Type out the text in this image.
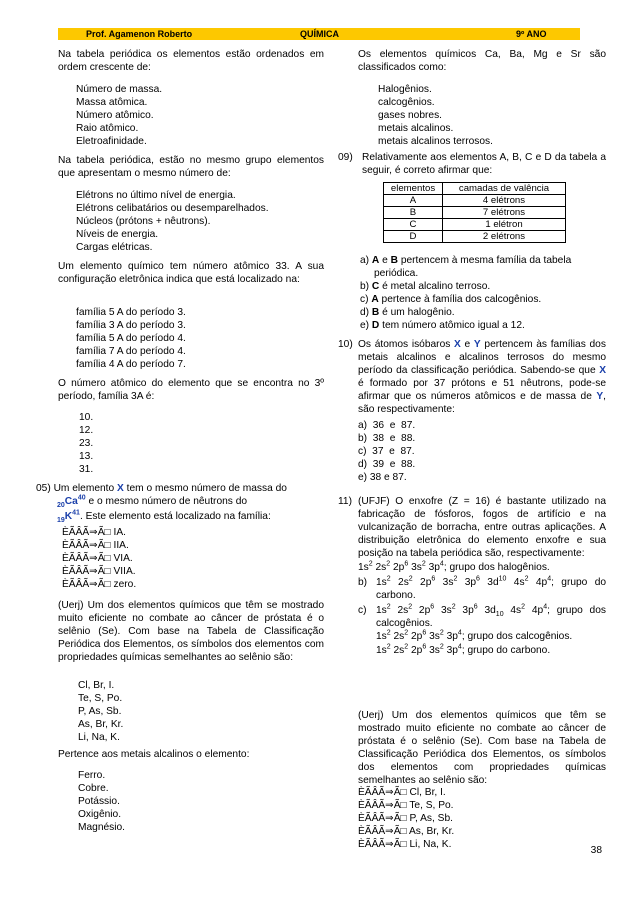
Prof. Agamenon Roberto	QUÍMICA	9º ANO
Na tabela periódica os elementos estão ordenados em ordem crescente de:
Número de massa.
Massa atômica.
Número atômico.
Raio atômico.
Eletroafinidade.
Na tabela periódica, estão no mesmo grupo elementos que apresentam o mesmo número de:
Elétrons no último nível de energia.
Elétrons celibatários ou desemparelhados.
Núcleos (prótons + nêutrons).
Níveis de energia.
Cargas elétricas.
Um elemento químico tem número atômico 33. A sua configuração eletrônica indica que está localizado na:
família 5 A do período 3.
família 3 A do período 3.
família 5 A do período 4.
família 7 A do período 4.
família 4 A do período 7.
O número atômico do elemento que se encontra no 3º período, família 3A é:
10.
12.
23.
13.
31.
05) Um elemento X tem o mesmo número de massa do
$_{20}Ca^{40}$ e o mesmo número de nêutrons do
$_{19}K^{41}$. Este elemento está localizado na família:
ÈÃÂÃ⇒Ã□ IA.
ÈÃÂÃ⇒Ã□ IIA.
ÈÃÂÃ⇒Ã□ VIA.
ÈÃÂÃ⇒Ã□ VIIA.
ÈÃÂÃ⇒Ã□ zero.
(Uerj) Um dos elementos químicos que têm se mostrado muito eficiente no combate ao câncer de próstata é o selênio (Se). Com base na Tabela de Classificação Periódica dos Elementos, os símbolos dos elementos com propriedades químicas semelhantes ao selênio são:
Cl, Br, I.
Te, S, Po.
P, As, Sb.
As, Br, Kr.
Li, Na, K.
Pertence aos metais alcalinos o elemento:
Ferro.
Cobre.
Potássio.
Oxigênio.
Magnésio.
Os elementos químicos Ca, Ba, Mg e Sr são classificados como:
Halogênios.
calcogênios.
gases nobres.
metais alcalinos.
metais alcalinos terrosos.
09) Relativamente aos elementos A, B, C e D da tabela a seguir, é correto afirmar que:
elementos	camadas de valência
A	4 elétrons
B	7 elétrons
C	1 elétron
D	2 elétrons
a) A e B pertencem à mesma família da tabela periódica.
b) C é metal alcalino terroso.
c) A pertence à família dos calcogênios.
d) B é um halogênio.
e) D tem número atômico igual a 12.
10) Os átomos isóbaros X e Y pertencem às famílias dos metais alcalinos e alcalinos terrosos do mesmo período da classificação periódica. Sabendo-se que X é formado por 37 prótons e 51 nêutrons, pode-se afirmar que os números atômicos e de massa de Y, são respectivamente:
a)  36  e  87.
b)  38  e  88.
c)  37  e  87.
d)  39  e  88.
e) 38 e 87.
11) (UFJF) O enxofre (Z = 16) é bastante utilizado na fabricação de fósforos, fogos de artifício e na vulcanização de borracha, entre outras aplicações. A distribuição eletrônica do elemento enxofre e sua posição na tabela periódica são, respectivamente:
$1s^2$ $2s^2$ $2p^6$ $3s^2$ $3p^4$; grupo dos halogênios.
b) $1s^2$ $2s^2$ $2p^6$ $3s^2$ $3p^6$ $3d^{10}$ $4s^2$ $4p^4$; grupo do carbono.
c) $1s^2$ $2s^2$ $2p^6$ $3s^2$ $3p^6$ $3d_{10}$ $4s^2$ $4p^4$; grupo dos calcogênios.
$1s^2$ $2s^2$ $2p^6$ $3s^2$ $3p^4$; grupo dos calcogênios.
$1s^2$ $2s^2$ $2p^6$ $3s^2$ $3p^4$; grupo do carbono.
(Uerj) Um dos elementos químicos que têm se mostrado muito eficiente no combate ao câncer de próstata é o selênio (Se). Com base na Tabela de Classificação Periódica dos Elementos, os símbolos dos elementos com propriedades químicas semelhantes ao selênio são:
ÈÃÂÃ⇒Ã□ Cl, Br, I.
ÈÃÂÃ⇒Ã□ Te, S, Po.
ÈÃÂÃ⇒Ã□ P, As, Sb.
ÈÃÂÃ⇒Ã□ As, Br, Kr.
ÈÃÂÃ⇒Ã□ Li, Na, K.
38
